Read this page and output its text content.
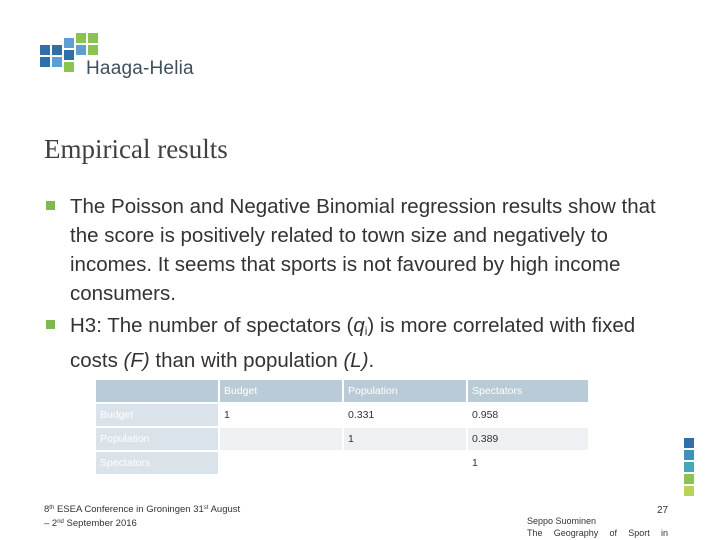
Haaga-Helia
Empirical results
The Poisson and Negative Binomial regression results show that the score is positively related to town size and negatively to incomes. It seems that sports is not favoured by high income consumers.
H3: The number of spectators $(q_i)$ is more correlated with fixed costs (F) than with population (L).
	Budget	Population	Spectators
Budget	1	0.331	0.958
Population		1	0.389
Spectators			1
8th ESEA Conference in Groningen 31st August
– 2nd September 2016
27
Seppo Suominen
The Geography of Sport in
